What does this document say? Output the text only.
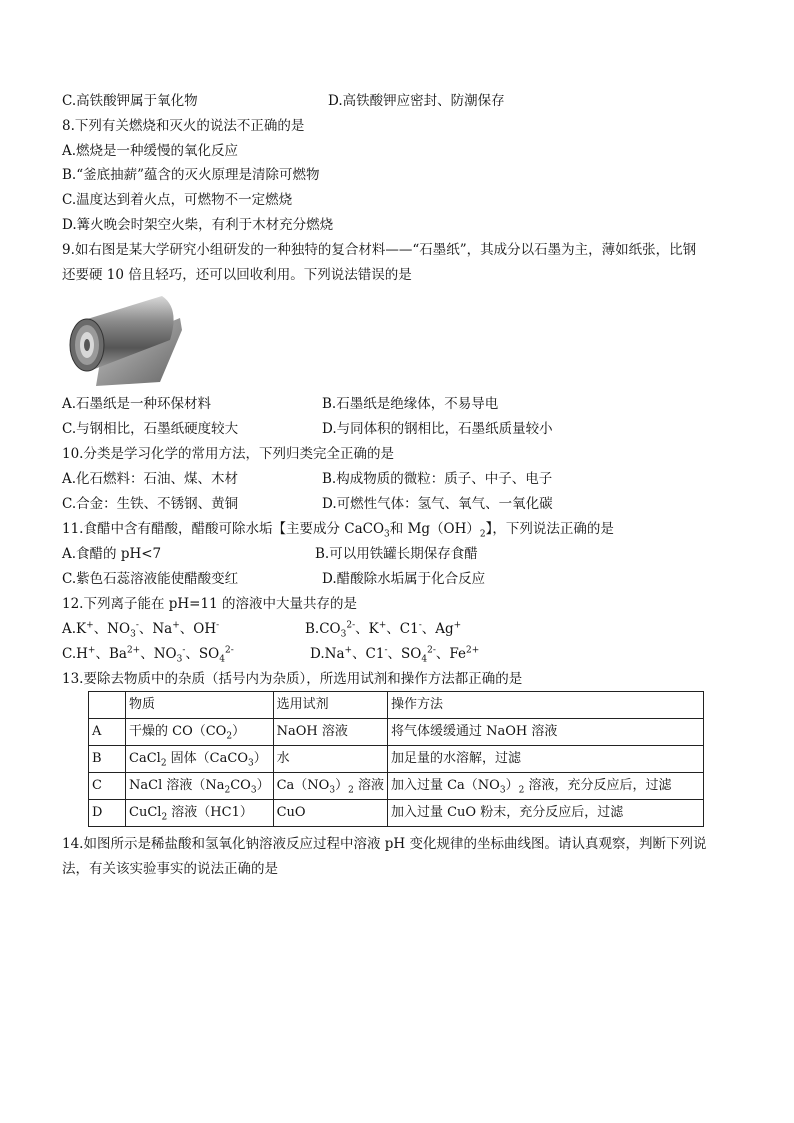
C.高铁酸钾属于氧化物	D.高铁酸钾应密封、防潮保存
8.下列有关燃烧和灭火的说法不正确的是
A.燃烧是一种缓慢的氧化反应
B.“釜底抽薪”蕴含的灭火原理是清除可燃物
C.温度达到着火点，可燃物不一定燃烧
D.篝火晚会时架空火柴，有利于木材充分燃烧
9.如右图是某大学研究小组研发的一种独特的复合材料——“石墨纸”，其成分以石墨为主，薄如纸张，比钢
还要硬 10 倍且轻巧，还可以回收利用。下列说法错误的是
A.石墨纸是一种环保材料	B.石墨纸是绝缘体，不易导电
C.与钢相比，石墨纸硬度较大	D.与同体积的钢相比，石墨纸质量较小
10.分类是学习化学的常用方法，下列归类完全正确的是
A.化石燃料：石油、煤、木材	B.构成物质的微粒：质子、中子、电子
C.合金：生铁、不锈钢、黄铜	D.可燃性气体：氢气、氧气、一氧化碳
11.食醋中含有醋酸，醋酸可除水垢【主要成分 CaCO$_3$和 $Mg(OH)_2$】，下列说法正确的是
A.食醋的 pH<7	B.可以用铁罐长期保存食醋
C.紫色石蕊溶液能使醋酸变红	D.醋酸除水垢属于化合反应
12.下列离子能在 pH=11 的溶液中大量共存的是
A.K+、$NO_3^-$、Na+、OH-	$B.CO_3^{2-}$、K+、C1-、Ag+
C.H+、$Ba^{2+}$、$NO_3^-$、$SO_4^{2-}$	D.Na+、C1-、$SO_4^{2-}$、$Fe^{2+}$
13.要除去物质中的杂质（括号内为杂质），所选用试剂和操作方法都正确的是
	物质	选用试剂	操作方法
A	干燥的 $CO(CO_2)$	NaOH 溶液	将气体缓缓通过 NaOH 溶液
B	CaCl$_2$ 固体（CaCO$_3$）	水	加足量的水溶解，过滤
C	NaCl 溶液$(Na_2CO_3)$	$Ca(NO_3)_2$ 溶液	加入过量 $Ca(NO_3)_2$ 溶液，充分反应后，过滤
D	CuCl$_2$ 溶液（HC1）	CuO	加入过量 CuO 粉末，充分反应后，过滤
14.如图所示是稀盐酸和氢氧化钠溶液反应过程中溶液 pH 变化规律的坐标曲线图。请认真观察，判断下列说
法，有关该实验事实的说法正确的是
